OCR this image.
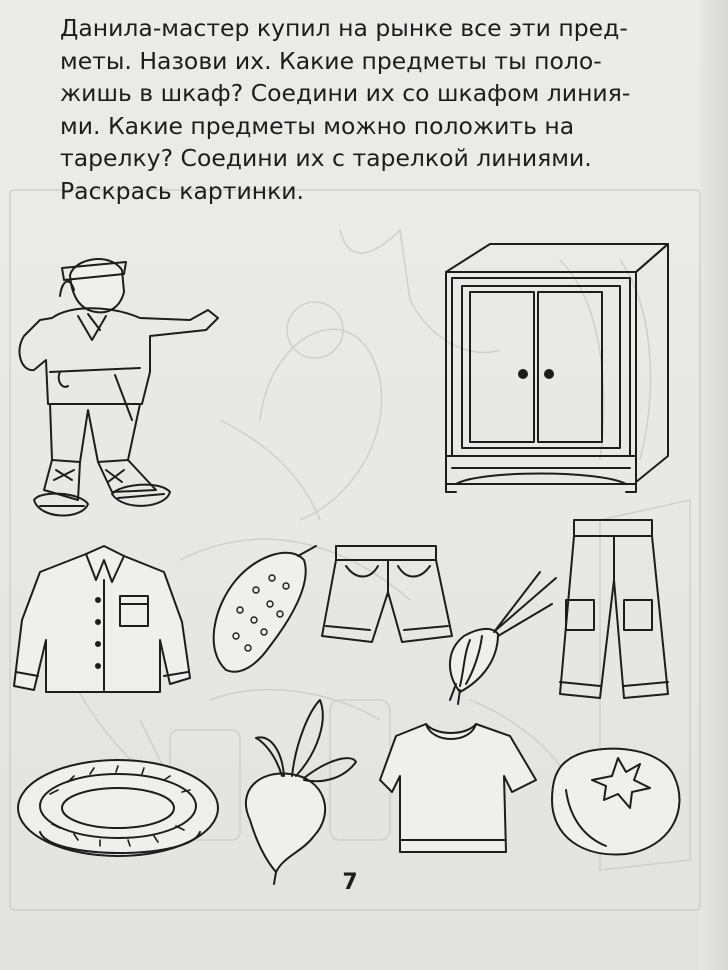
Данила-мастер купил на рынке все эти пред-
меты. Назови их. Какие предметы ты поло-
жишь в шкаф? Соедини их со шкафом линия-
ми. Какие предметы можно положить на
тарелку? Соедини их с тарелкой линиями.
Раскрась картинки.
7
